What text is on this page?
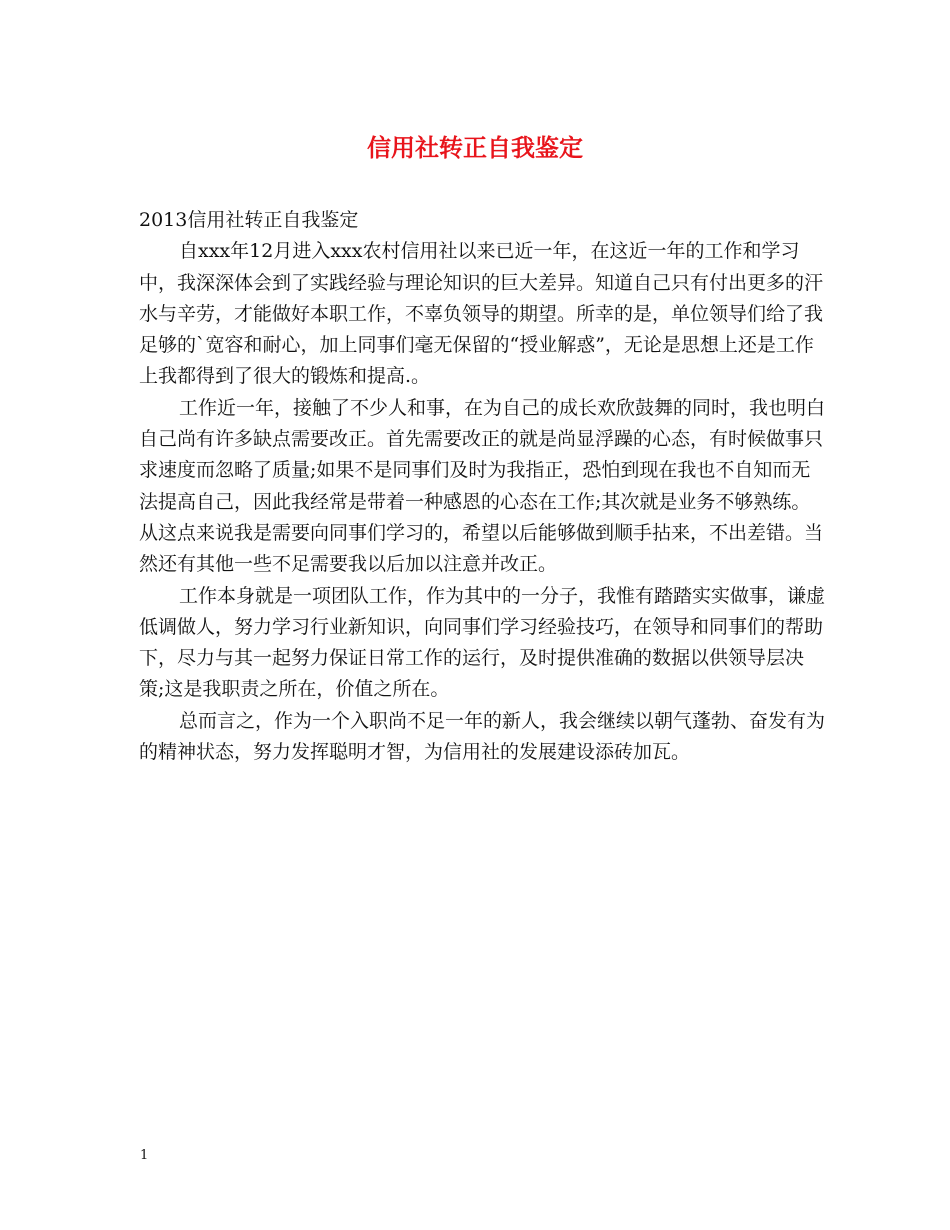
信用社转正自我鉴定

2013信用社转正自我鉴定

自xxx年12月进入xxx农村信用社以来已近一年，在这近一年的工作和学习中，我深深体会到了实践经验与理论知识的巨大差异。知道自己只有付出更多的汗水与辛劳，才能做好本职工作，不辜负领导的期望。所幸的是，单位领导们给了我足够的`宽容和耐心，加上同事们毫无保留的“授业解惑”，无论是思想上还是工作上我都得到了很大的锻炼和提高.。

工作近一年，接触了不少人和事，在为自己的成长欢欣鼓舞的同时，我也明白自己尚有许多缺点需要改正。首先需要改正的就是尚显浮躁的心态，有时候做事只求速度而忽略了质量;如果不是同事们及时为我指正，恐怕到现在我也不自知而无法提高自己，因此我经常是带着一种感恩的心态在工作;其次就是业务不够熟练。从这点来说我是需要向同事们学习的，希望以后能够做到顺手拈来，不出差错。当然还有其他一些不足需要我以后加以注意并改正。

工作本身就是一项团队工作，作为其中的一分子，我惟有踏踏实实做事，谦虚低调做人，努力学习行业新知识，向同事们学习经验技巧，在领导和同事们的帮助下，尽力与其一起努力保证日常工作的运行，及时提供准确的数据以供领导层决策;这是我职责之所在，价值之所在。

总而言之，作为一个入职尚不足一年的新人，我会继续以朝气蓬勃、奋发有为的精神状态，努力发挥聪明才智，为信用社的发展建设添砖加瓦。

1
